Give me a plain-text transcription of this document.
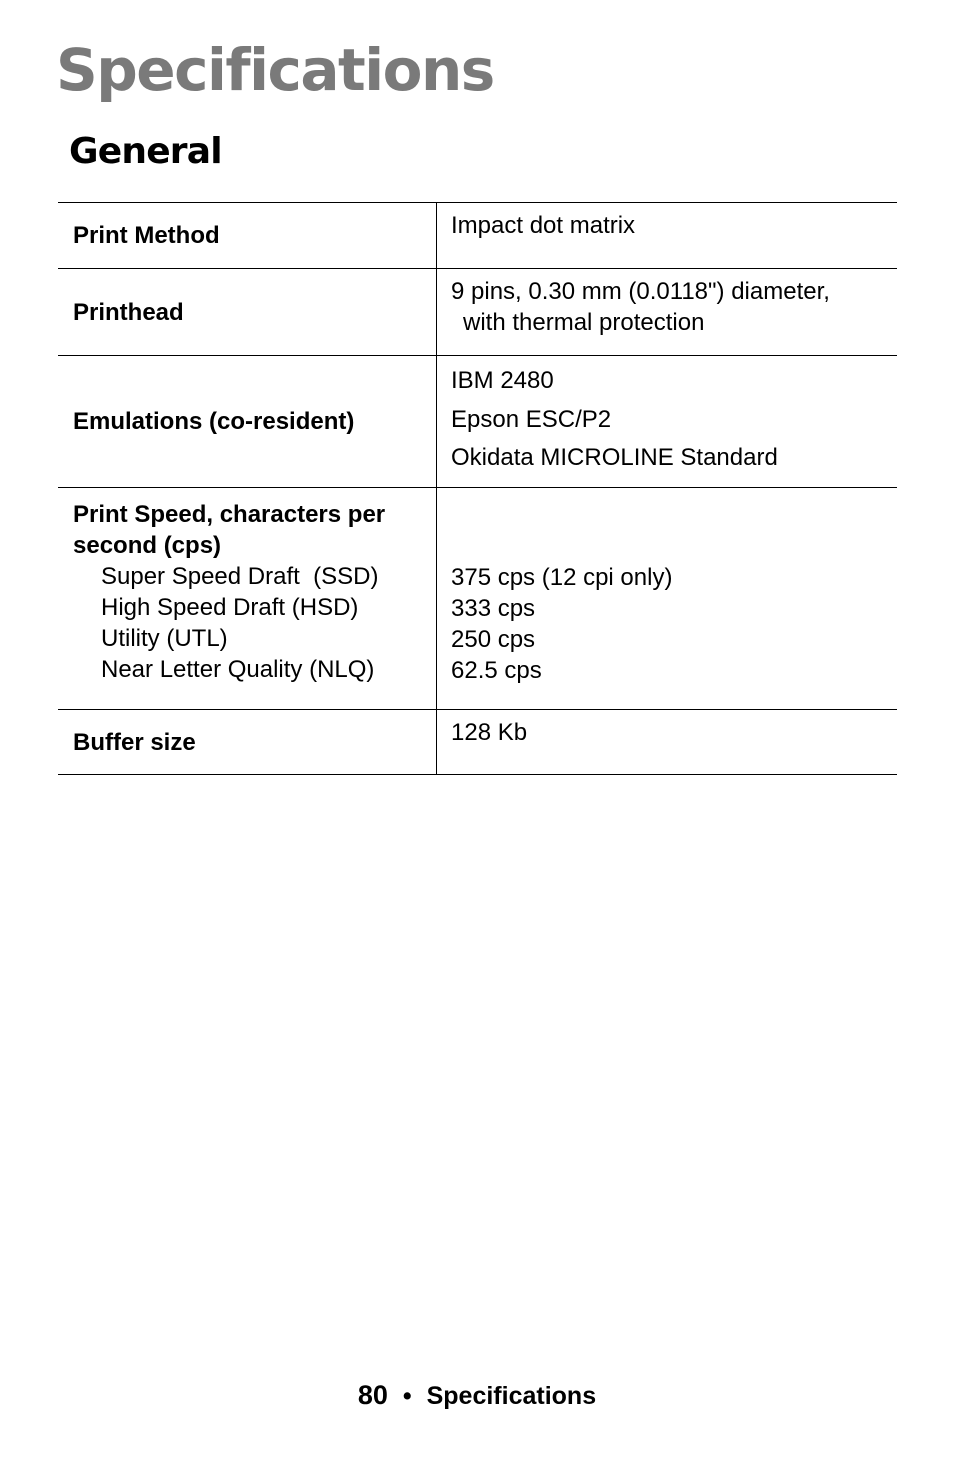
Specifications
General
Print Method	Impact dot matrix
Printhead
9 pins, 0.30 mm (0.0118") diameter,
with thermal protection
Emulations (co-resident)
IBM 2480
Epson ESC/P2
Okidata MICROLINE Standard
Print Speed, characters per
second (cps)
Super Speed Draft  (SSD)
High Speed Draft (HSD)
Utility (UTL)
Near Letter Quality (NLQ)
375 cps (12 cpi only)
333 cps
250 cps
62.5 cps
Buffer size	128 Kb
80 • Specifications
